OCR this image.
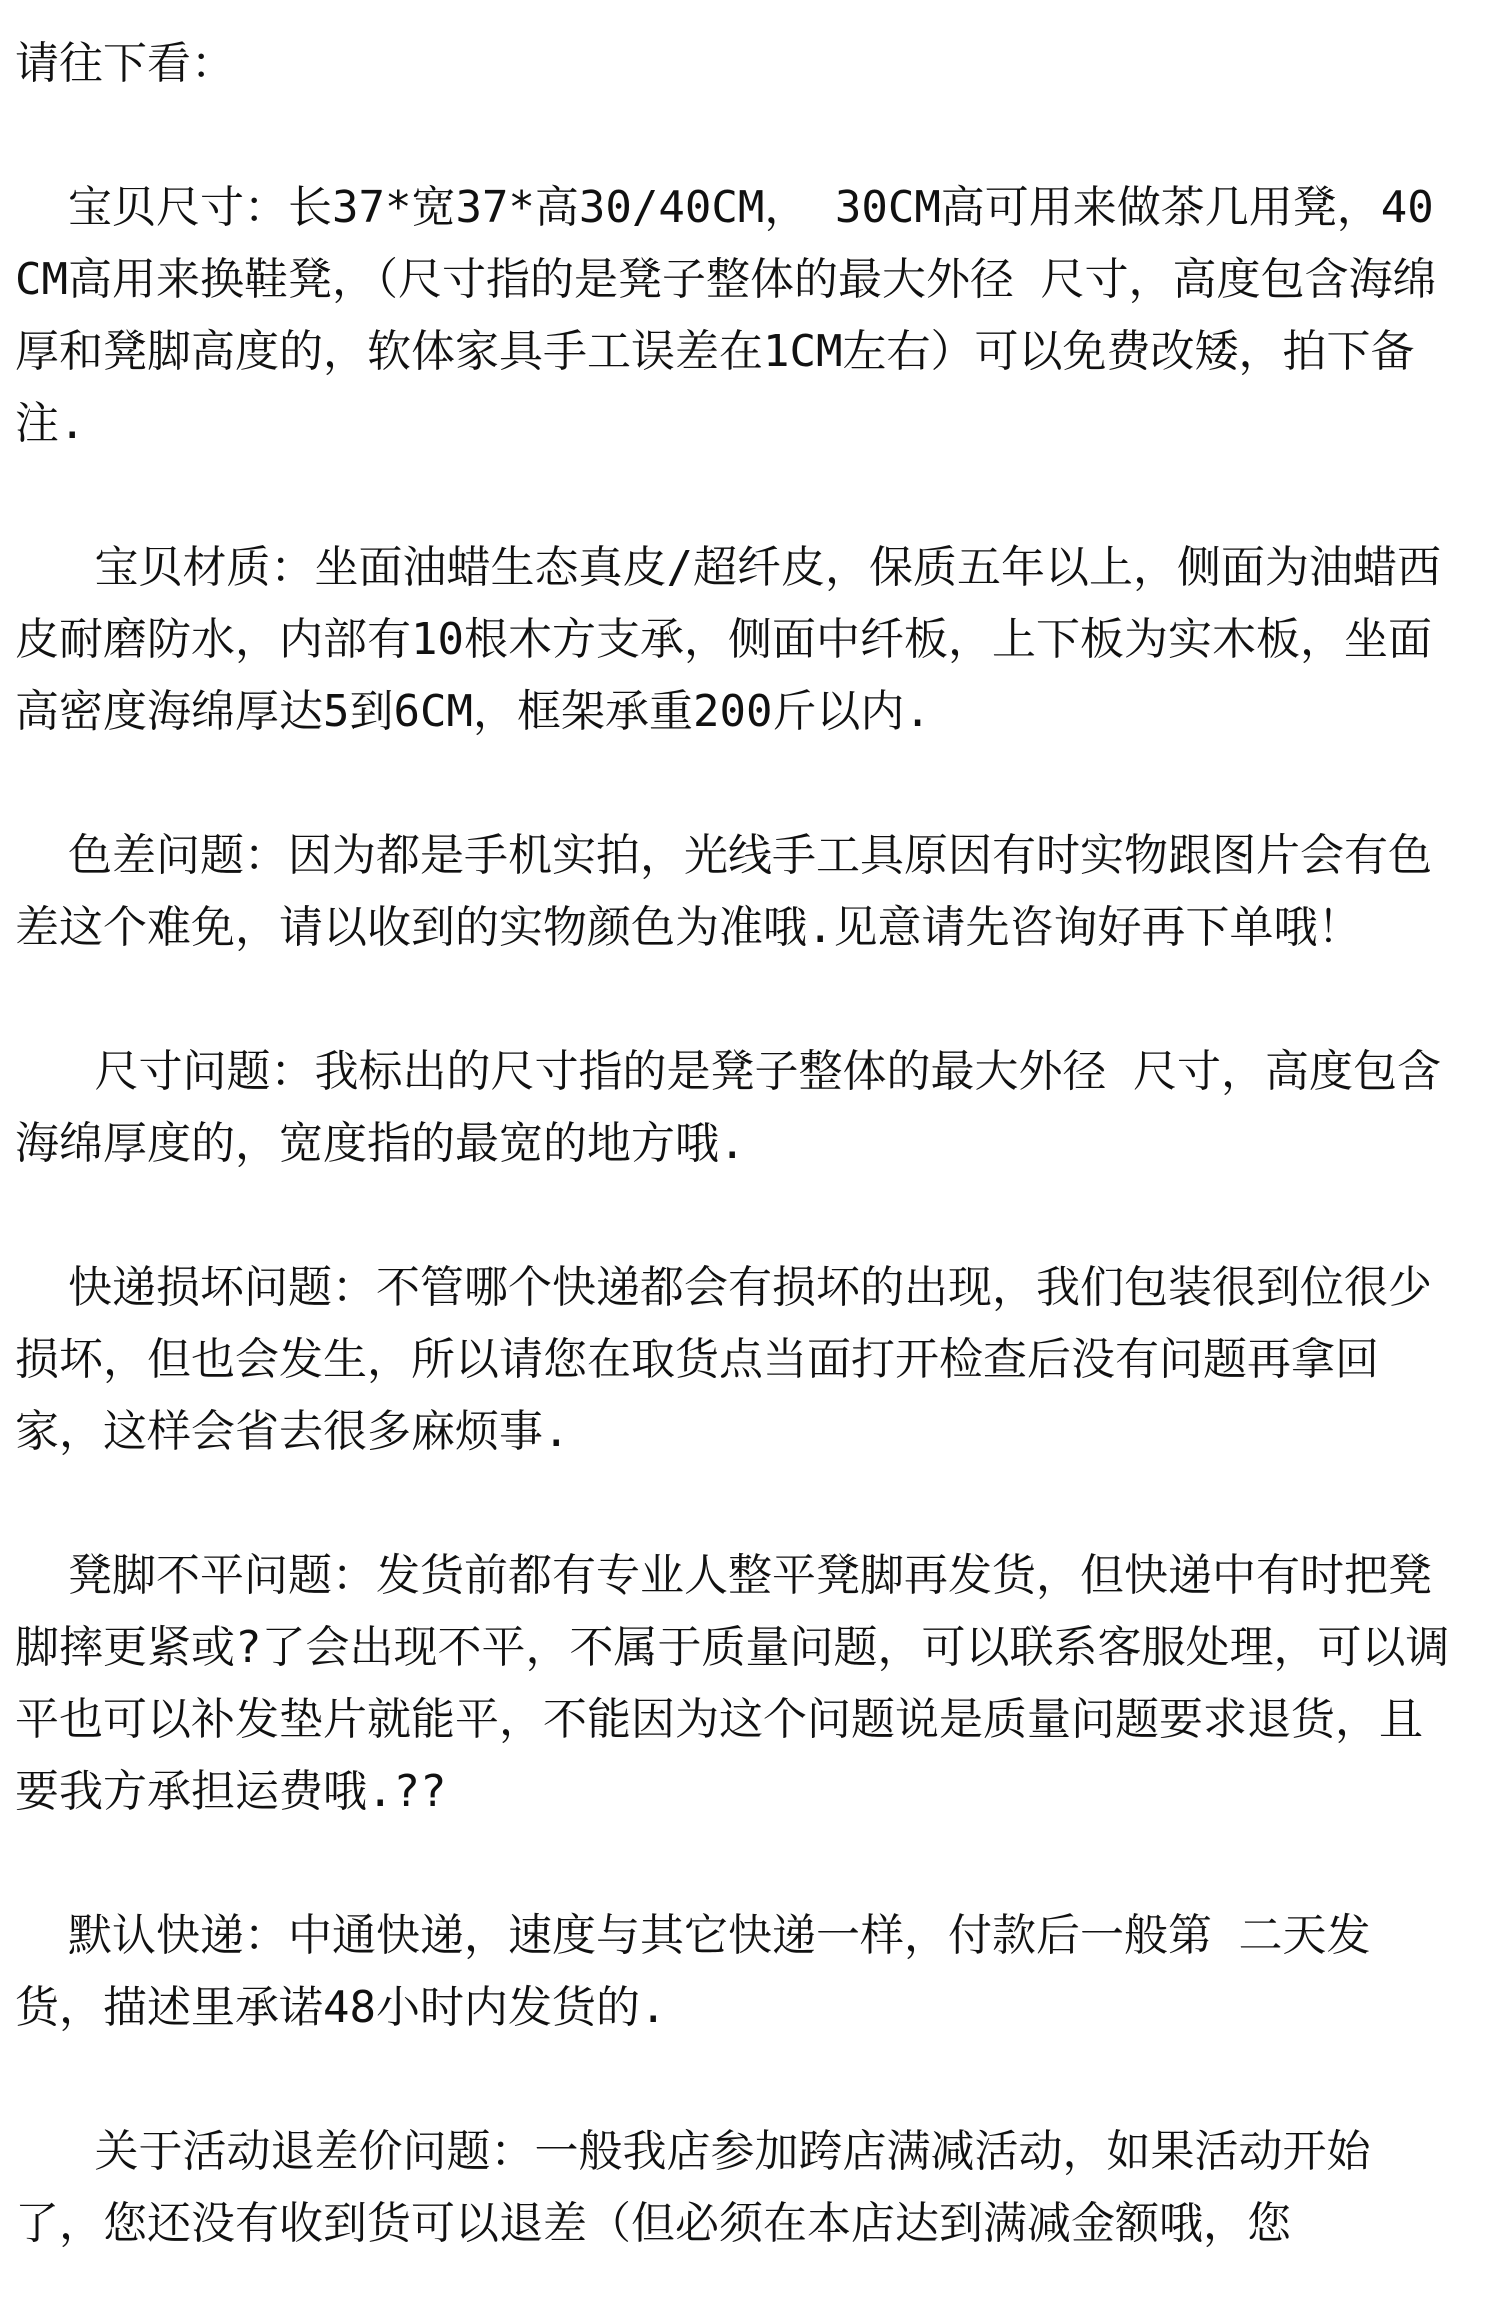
请往下看：

宝贝尺寸：长37*宽37*高30/40CM， 30CM高可用来做茶几用凳，40CM高用来换鞋凳，（尺寸指的是凳子整体的最大外径 尺寸，高度包含海绵厚和凳脚高度的，软体家具手工误差在1CM左右）可以免费改矮，拍下备注.

宝贝材质：坐面油蜡生态真皮/超纤皮，保质五年以上，侧面为油蜡西皮耐磨防水，内部有10根木方支承，侧面中纤板，上下板为实木板，坐面高密度海绵厚达5到6CM，框架承重200斤以内.

色差问题：因为都是手机实拍，光线手工具原因有时实物跟图片会有色差这个难免，请以收到的实物颜色为准哦.见意请先咨询好再下单哦！

尺寸问题：我标出的尺寸指的是凳子整体的最大外径 尺寸，高度包含海绵厚度的，宽度指的最宽的地方哦.

快递损坏问题：不管哪个快递都会有损坏的出现，我们包装很到位很少损坏，但也会发生，所以请您在取货点当面打开检查后没有问题再拿回家，这样会省去很多麻烦事.

凳脚不平问题：发货前都有专业人整平凳脚再发货，但快递中有时把凳脚摔更紧或?了会出现不平，不属于质量问题，可以联系客服处理，可以调平也可以补发垫片就能平，不能因为这个问题说是质量问题要求退货，且要我方承担运费哦.??

默认快递：中通快递，速度与其它快递一样，付款后一般第 二天发货，描述里承诺48小时内发货的.

关于活动退差价问题：一般我店参加跨店满减活动，如果活动开始了，您还没有收到货可以退差（但必须在本店达到满减金额哦，您
